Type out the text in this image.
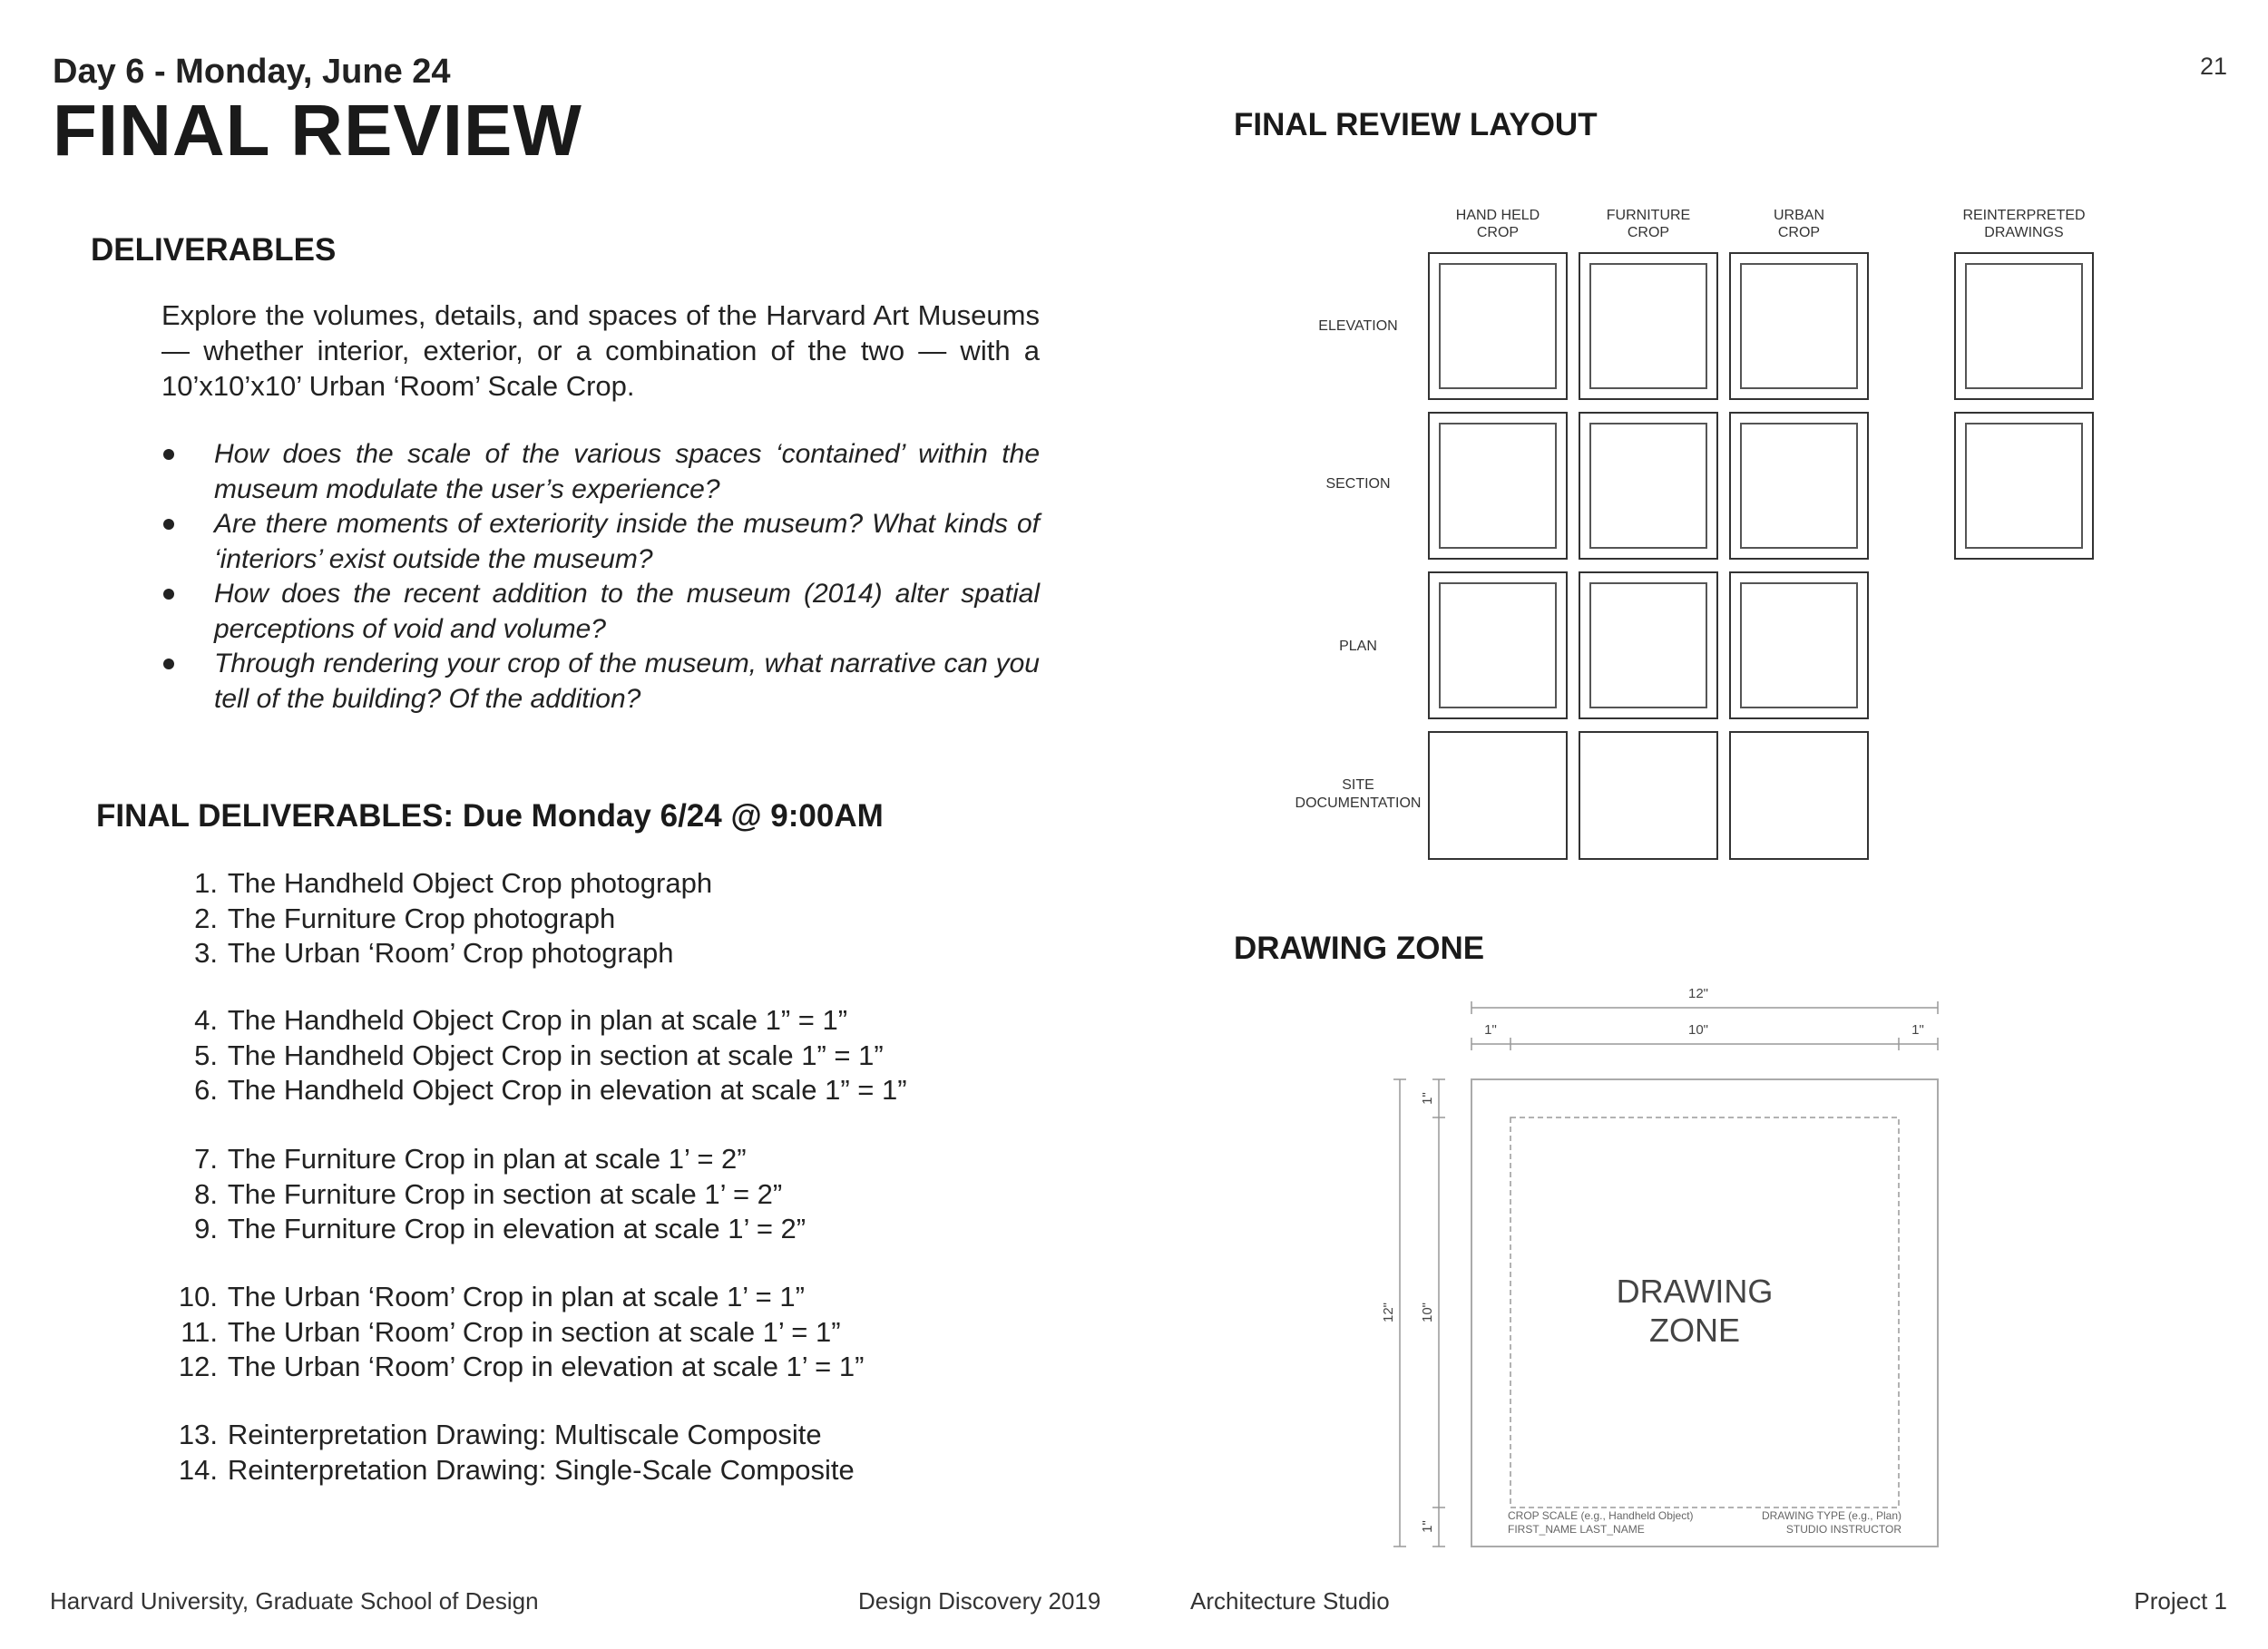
Day 6 - Monday, June 24
FINAL REVIEW
21
DELIVERABLES
Explore the volumes, details, and spaces of the Harvard Art Museums — whether interior, exterior, or a combination of the two — with a 10’x10’x10’ Urban ‘Room’ Scale Crop.
How does the scale of the various spaces ‘contained’ within the museum modulate the user’s experience?
Are there moments of exteriority inside the museum? What kinds of ‘interiors’ exist outside the museum?
How does the recent addition to the museum (2014) alter spatial perceptions of void and volume?
Through rendering your crop of the museum, what narrative can you tell of the building? Of the addition?
FINAL DELIVERABLES: Due Monday 6/24 @ 9:00AM
1. The Handheld Object Crop photograph
2. The Furniture Crop photograph
3. The Urban ‘Room’ Crop photograph
4. The Handheld Object Crop in plan at scale 1” = 1”
5. The Handheld Object Crop in section at scale 1” = 1”
6. The Handheld Object Crop in elevation at scale 1” = 1”
7. The Furniture Crop in plan at scale 1’ = 2”
8. The Furniture Crop in section at scale 1’ = 2”
9. The Furniture Crop in elevation at scale 1’ = 2”
10. The Urban ‘Room’ Crop in plan at scale 1’ = 1”
11. The Urban ‘Room’ Crop in section at scale 1’ = 1”
12. The Urban ‘Room’ Crop in elevation at scale 1’ = 1”
13. Reinterpretation Drawing: Multiscale Composite
14. Reinterpretation Drawing: Single-Scale Composite
FINAL REVIEW LAYOUT
HAND HELD
CROP
FURNITURE
CROP
URBAN
CROP
REINTERPRETED
DRAWINGS
ELEVATION
SECTION
PLAN
SITE
DOCUMENTATION
DRAWING ZONE
12"
1"	10"	1"
12" 10"
1"
1"
DRAWING
ZONE
CROP SCALE (e.g., Handheld Object)
FIRST_NAME LAST_NAME
DRAWING TYPE (e.g., Plan)
STUDIO INSTRUCTOR
Harvard University, Graduate School of Design	Design Discovery 2019	Architecture Studio	Project 1
